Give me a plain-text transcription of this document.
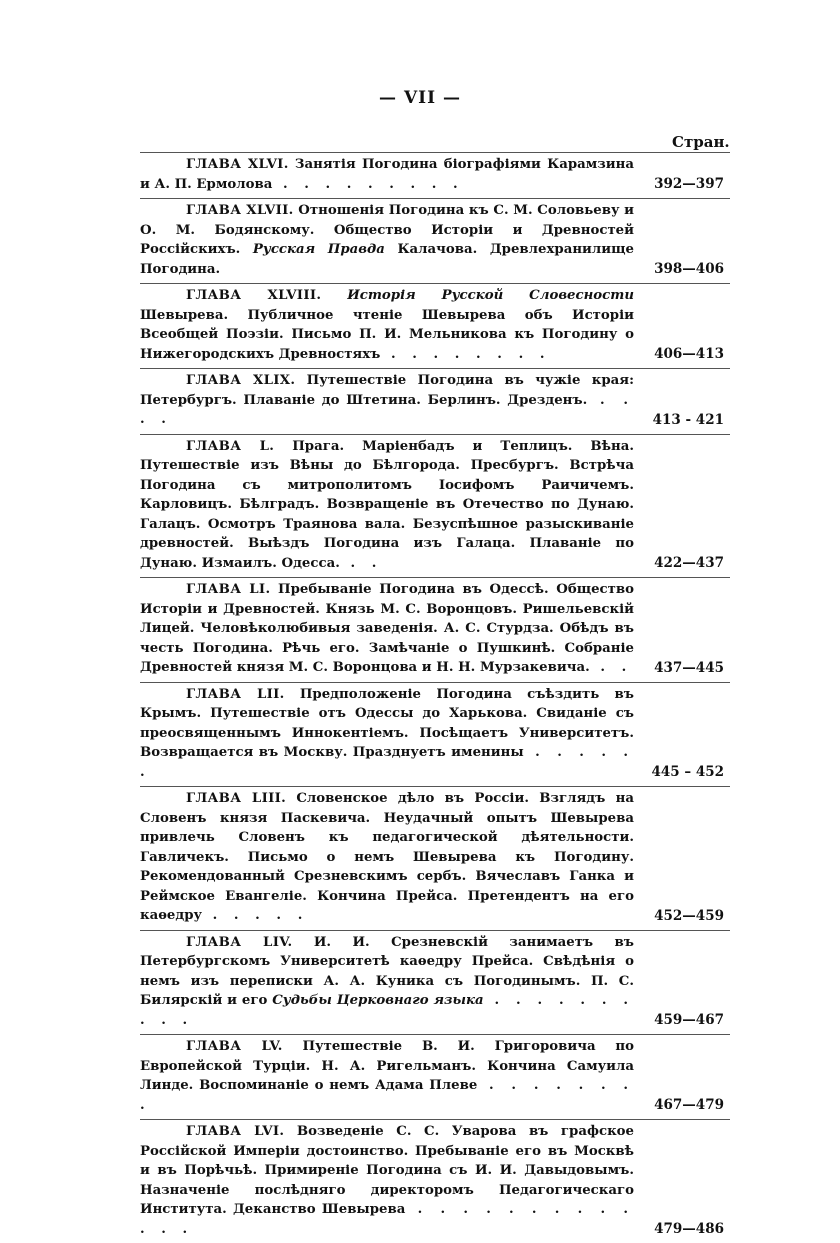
— VII —
Стран.
ГЛАВА XLVI. Занятія Погодина біографіями Карамзина и А. П. Ермолова . . . . . . . . .	392—397
ГЛАВА XLVII. Отношенія Погодина къ С. М. Соловьеву и О. М. Бодянскому. Общество Исторіи и Древностей Россійскихъ. Русская Правда Калачова. Древлехранилище Погодина.	398—406
ГЛАВА XLVIII. Исторія Русской Словесности Шевырева. Публичное чтеніе Шевырева объ Исторіи Всеобщей Поэзіи. Письмо П. И. Мельникова къ Погодину о Нижегородскихъ Древностяхъ . . . . . . . .	406—413
ГЛАВА XLIX. Путешествіе Погодина въ чужіе края: Петербургъ. Плаваніе до Штетина. Берлинъ. Дрезденъ. . . . .	413 - 421
ГЛАВА L. Прага. Маріенбадъ и Теплицъ. Вѣна. Путешествіе изъ Вѣны до Бѣлгорода. Пресбургъ. Встрѣча Погодина съ митрополитомъ Іосифомъ Раичичемъ. Карловицъ. Бѣлградъ. Возвращеніе въ Отечество по Дунаю. Галацъ. Осмотръ Траянова вала. Безуспѣшное разыскиваніе древностей. Выѣздъ Погодина изъ Галаца. Плаваніе по Дунаю. Измаилъ. Одесса. . .	422—437
ГЛАВА LI. Пребываніе Погодина въ Одессѣ. Общество Исторіи и Древностей. Князь М. С. Воронцовъ. Ришельевскій Лицей. Человѣколюбивыя заведенія. А. С. Стурдза. Обѣдъ въ честь Погодина. Рѣчь его. Замѣчаніе о Пушкинѣ. Собраніе Древностей князя М. С. Воронцова и Н. Н. Мурзакевича. . . 437—445
ГЛАВА LII. Предположеніе Погодина съѣздить въ Крымъ. Путешествіе отъ Одессы до Харькова. Свиданіе съ преосвященнымъ Иннокентіемъ. Посѣщаетъ Университетъ. Возвращается въ Москву. Празднуетъ именины . . . . . .	445 – 452
ГЛАВА LIII. Словенское дѣло въ Россіи. Взглядъ на Словенъ князя Паскевича. Неудачный опытъ Шевырева привлечь Словенъ къ педагогической дѣятельности. Гавличекъ. Письмо о немъ Шевырева къ Погодину. Рекомендованный Срезневскимъ сербъ. Вячеславъ Ганка и Реймское Евангеліе. Кончина Прейса. Претендентъ на его каѳедру . . . . .	452—459
ГЛАВА LIV. И. И. Срезневскій занимаетъ въ Петербургскомъ Университетѣ каѳедру Прейса. Свѣдѣнія о немъ изъ переписки А. А. Куника съ Погодинымъ. П. С. Билярскій и его Судьбы Церковнаго языка . . . . . . . . . .	459—467
ГЛАВА LV. Путешествіе В. И. Григоровича по Европейской Турціи. Н. А. Ригельманъ. Кончина Самуила Линде. Воспоминаніе о немъ Адама Плеве . . . . . . . .	467—479
ГЛАВА LVI. Возведеніе С. С. Уварова въ графское Россійской Имперіи достоинство. Пребываніе его въ Москвѣ и въ Порѣчьѣ. Примиреніе Погодина съ И. И. Давыдовымъ. Назначеніе послѣдняго директоромъ Педагогическаго Института. Деканство Шевырева . . . . . . . . . . . . .	479—486
